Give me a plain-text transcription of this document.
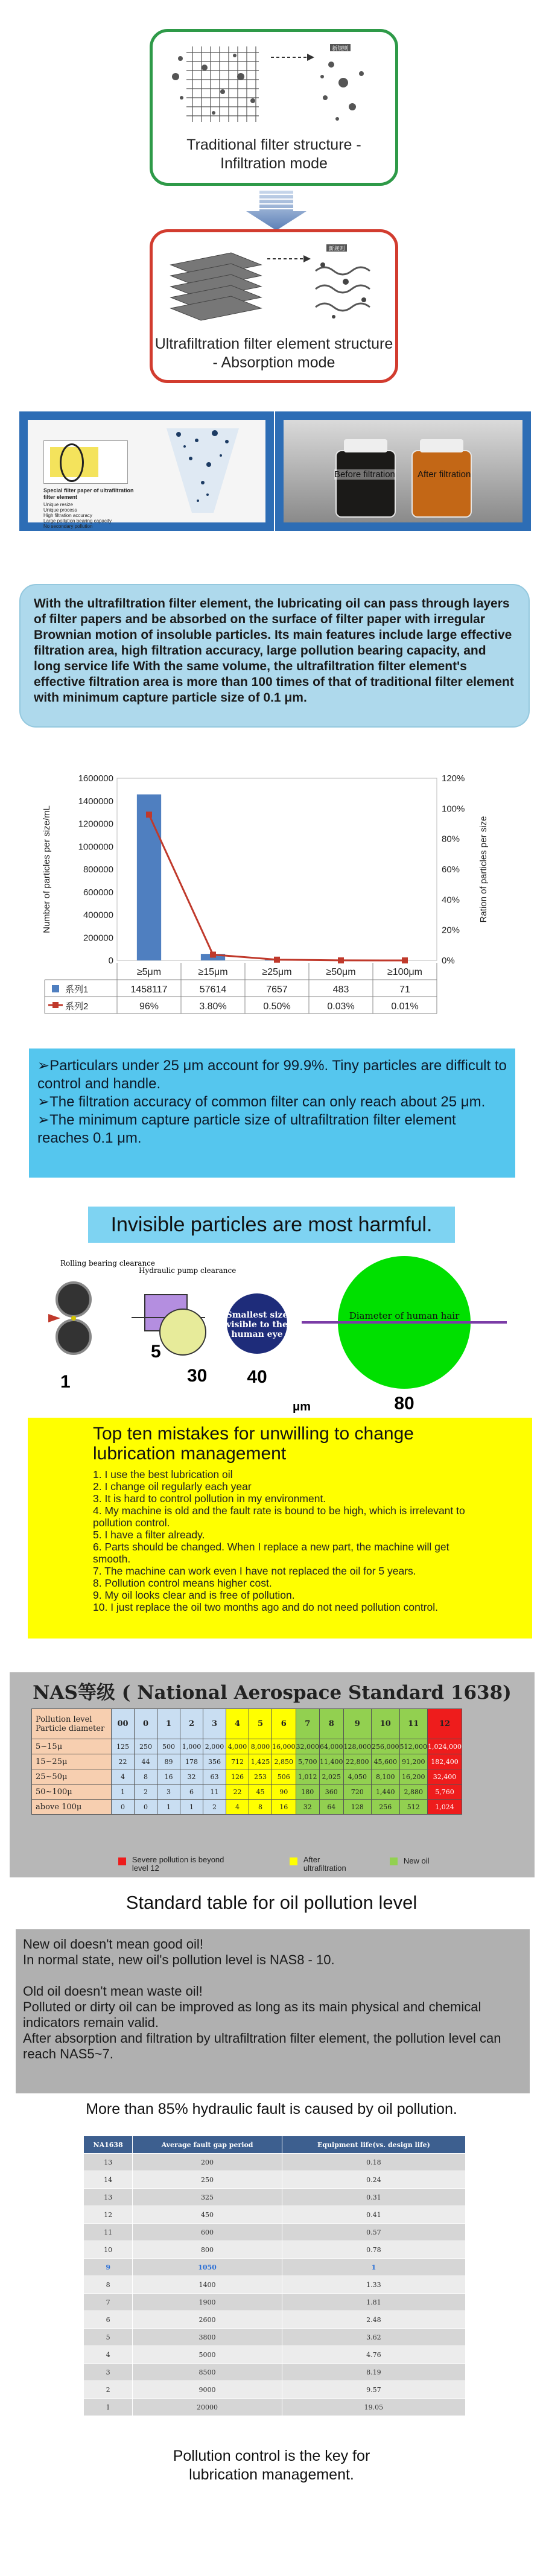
新规则
Traditional filter structure - Infiltration mode
新规则
Ultrafiltration filter element structure - Absorption mode
Special filter paper of ultrafiltration filter element
Unique resize
Unique process
High filtration accuracy
Large pollution bearing capacity
No secondary pollution
Before filtration After filtration
With the ultrafiltration filter element, the lubricating oil can pass through layers of filter papers and be absorbed on the surface of filter paper with irregular Brownian motion of insoluble particles. Its main features include large effective filtration area, high filtration accuracy, large pollution bearing capacity, and long service life With the same volume, the ultrafiltration filter element's effective filtration area is more than 100 times of that of traditional filter element with minimum capture particle size of 0.1 μm.
0
200000
400000
600000
800000
1000000
1200000
1400000
1600000
0%
20%
40%
60%
80%
100%
120%
Number of particles per size/mL	Ration of particles per size
≥5μm	≥15μm	≥25μm	≥50μm	≥100μm
系列1
系列2
1458117	57614	7657	483	71
96%	3.80%	0.50%	0.03%	0.01%
➢Particulars under 25 μm account for 99.9%. Tiny particles are difficult to control and handle.
➢The filtration accuracy of common filter can only reach about 25 μm.
➢The minimum capture particle size of ultrafiltration filter element reaches 0.1 μm.
Invisible particles are most harmful.
Rolling bearing clearance
Hydraulic pump clearance
Smallest size
visible to the
human eye
Diameter of human hair
1
5
30 40
μm	80
Top ten mistakes for unwilling to change lubrication management
1. I use the best lubrication oil
2. I change oil regularly each year
3. It is hard to control pollution in my environment.
4. My machine is old and the fault rate is bound to be high, which is irrelevant to pollution control.
5. I have a filter already.
6. Parts should be changed. When I replace a new part, the machine will get smooth.
7. The machine can work even I have not replaced the oil for 5 years.
8. Pollution control means higher cost.
9. My oil looks clear and is free of pollution.
10. I just replace the oil two months ago and do not need pollution control.
NAS等级 ( National Aerospace Standard 1638)
Pollution level
Particle diameter	00	0	1	2	3	4	5	6	7	8	9	10	11	12
5~15μ	125	250	500	1,000	2,000	4,000	8,000	16,000	32,000	64,000	128,000	256,000	512,000	1,024,000
15~25μ	22	44	89	178	356	712	1,425	2,850	5,700	11,400	22,800	45,600	91,200	182,400
25~50μ	4	8	16	32	63	126	253	506	1,012	2,025	4,050	8,100	16,200	32,400
50~100μ	1	2	3	6	11	22	45	90	180	360	720	1,440	2,880	5,760
above 100μ	0	0	1	1	2	4	8	16	32	64	128	256	512	1,024
Severe pollution is beyond level 12
After ultrafiltration
New oil
Standard table for oil pollution level
New oil doesn't mean good oil!
In normal state, new oil's pollution level is NAS8 - 10.
Old oil doesn't mean waste oil!
Polluted or dirty oil can be improved as long as its main physical and chemical indicators remain valid.
After absorption and filtration by ultrafiltration filter element, the pollution level can reach NAS5~7.
More than 85% hydraulic fault is caused by oil pollution.
NA1638	Average fault gap period	Equipment life(vs. design life)
13	200	0.18
14	250	0.24
13	325	0.31
12	450	0.41
11	600	0.57
10	800	0.78
9	1050	1
8	1400	1.33
7	1900	1.81
6	2600	2.48
5	3800	3.62
4	5000	4.76
3	8500	8.19
2	9000	9.57
1	20000	19.05
Pollution control is the key for lubrication management.
